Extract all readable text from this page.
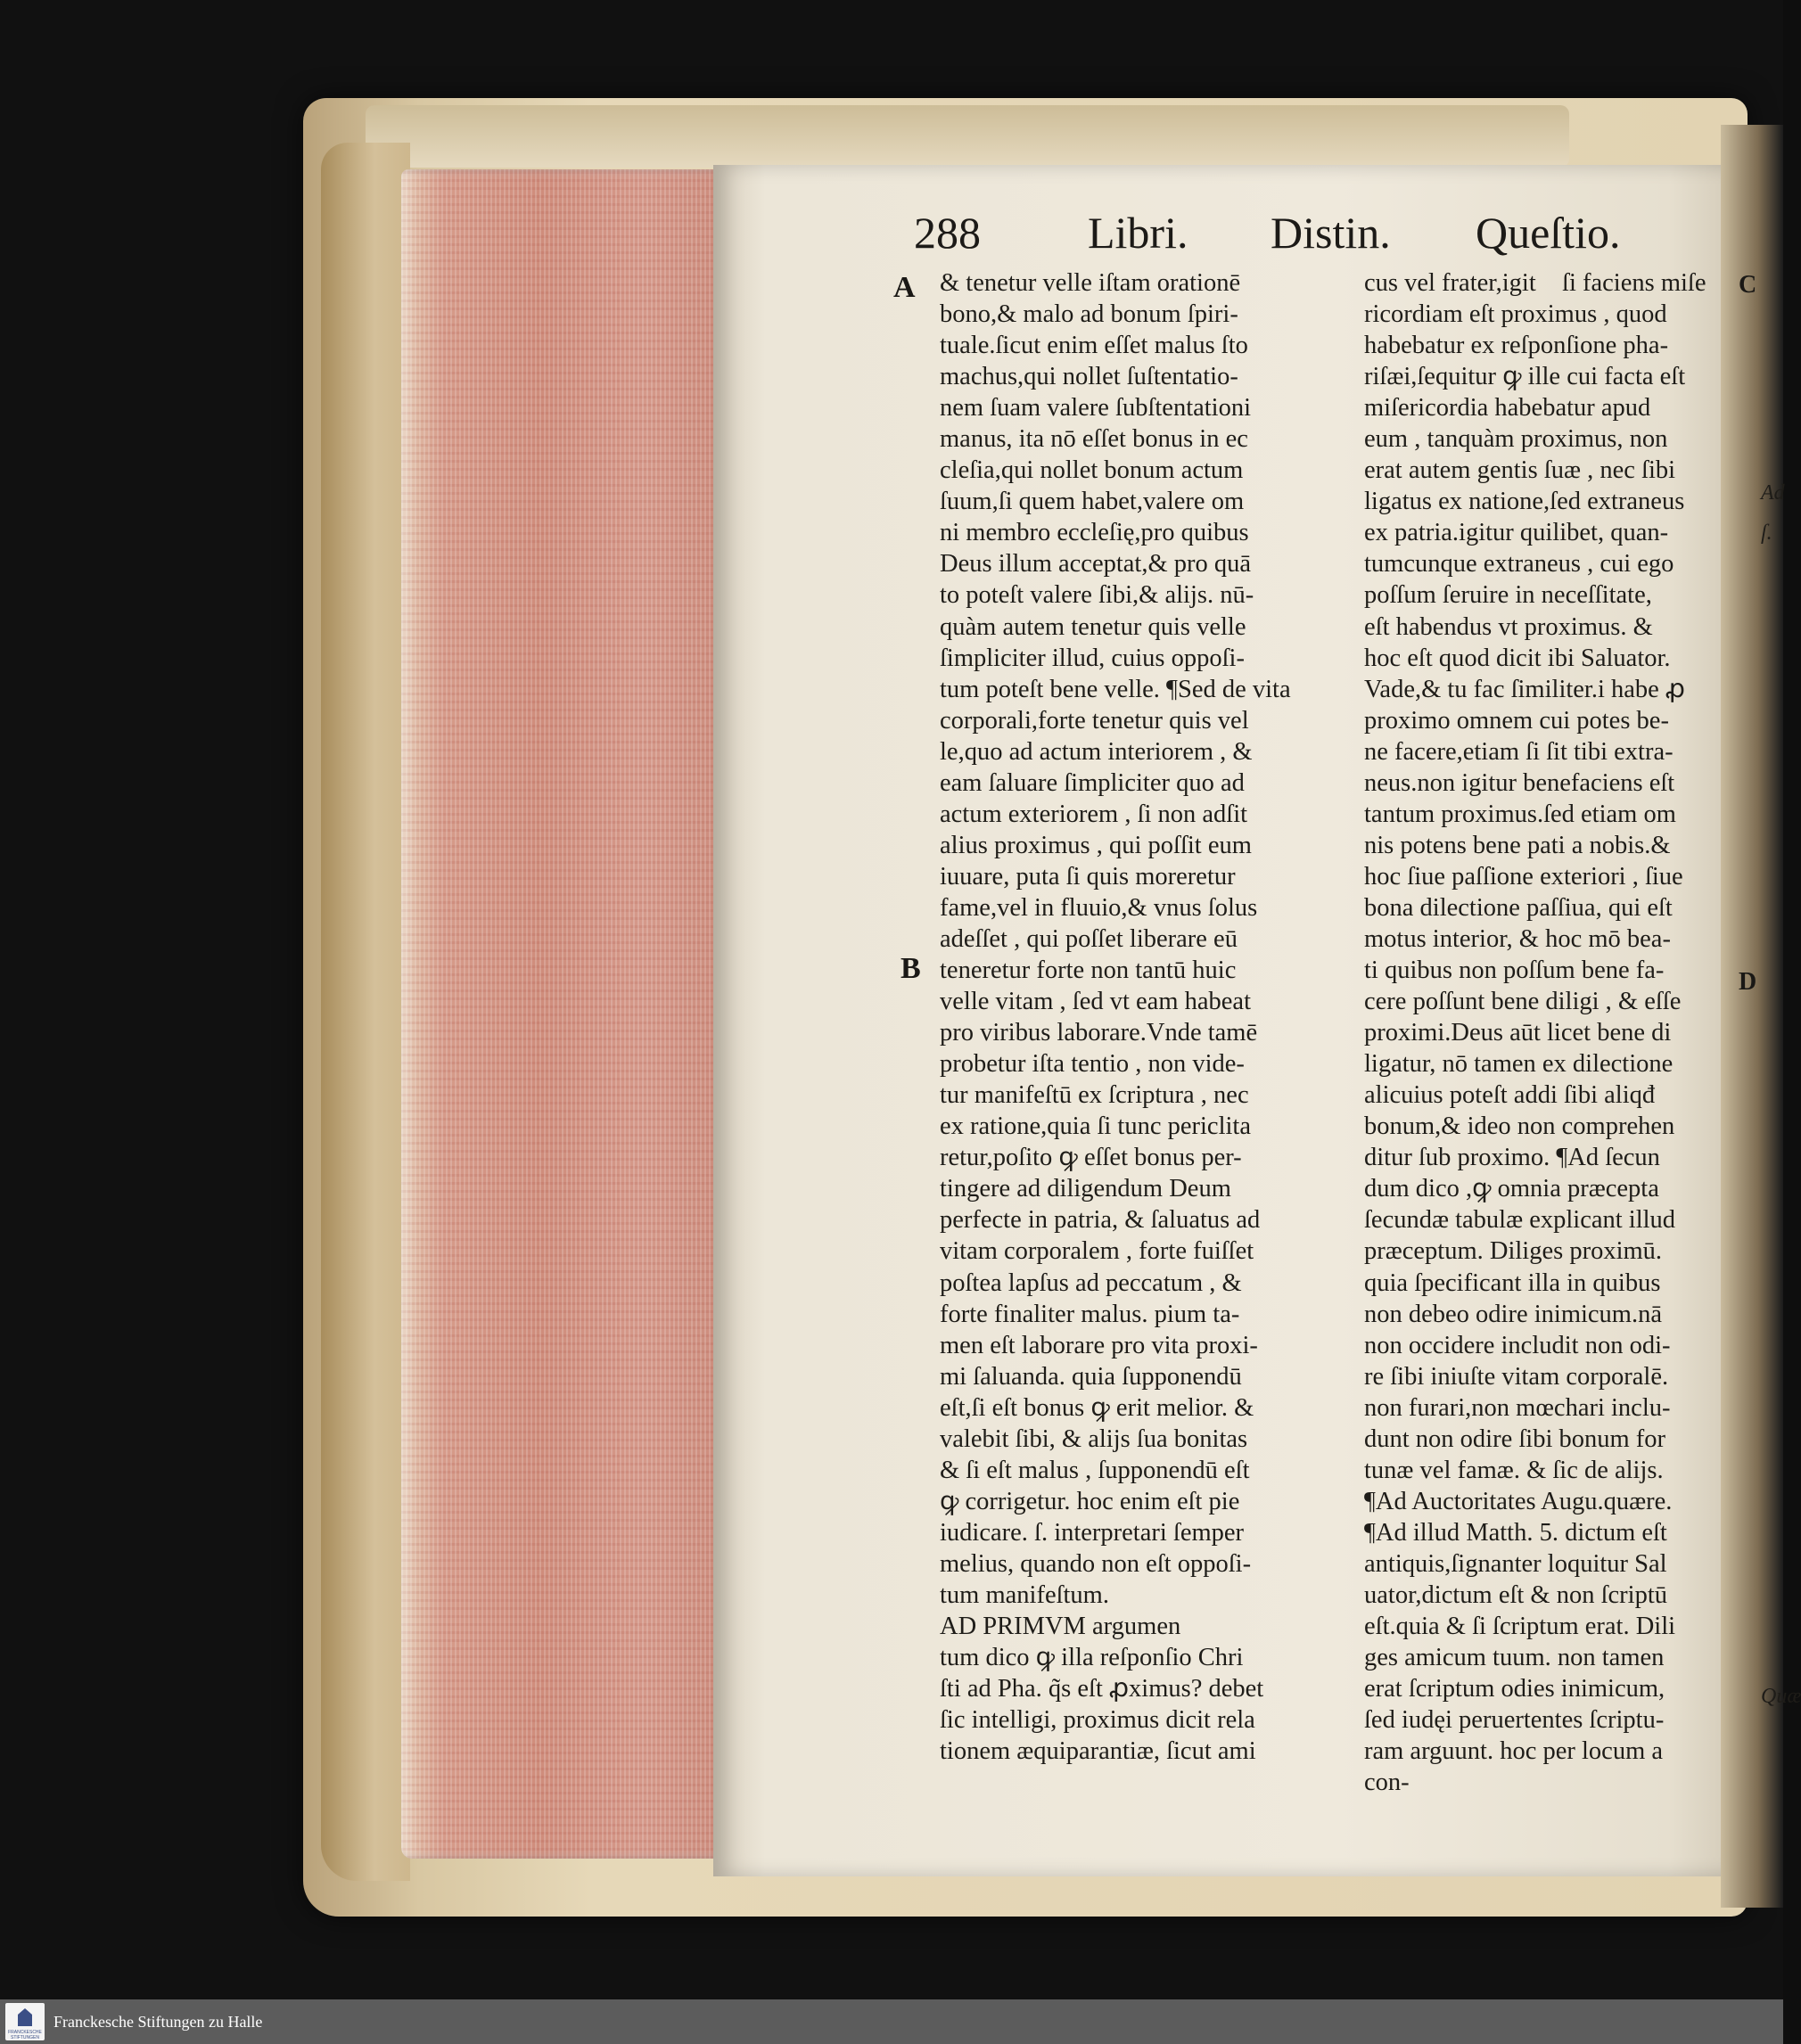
288 Libri. Distin. Queſtio.
A
B
C
D
& tenetur velle iſtam orationē
bono,& malo ad bonum ſpiri-
tuale.ſicut enim eſſet malus ſto
machus,qui nollet ſuſtentatio-
nem ſuam valere ſubſtentationi
manus, ita nō eſſet bonus in ec
cleſia,qui nollet bonum actum
ſuum,ſi quem habet,valere om
ni membro eccleſię,pro quibus
Deus illum acceptat,& pro quā
to poteſt valere ſibi,& alijs. nū-
quàm autem tenetur quis velle
ſimpliciter illud, cuius oppoſi-
tum poteſt bene velle. ¶Sed de vita
corporali,forte tenetur quis vel
le,quo ad actum interiorem , &
eam ſaluare ſimpliciter quo ad
actum exteriorem , ſi non adſit
alius proximus , qui poſſit eum
iuuare, puta ſi quis moreretur
fame,vel in fluuio,& vnus ſolus
adeſſet , qui poſſet liberare eū
teneretur forte non tantū huic
velle vitam , ſed vt eam habeat
pro viribus laborare.Vnde tamē
probetur iſta tentio , non vide-
tur manifeſtū ex ſcriptura , nec
ex ratione,quia ſi tunc periclita
retur,poſito ꝙ eſſet bonus per-
tingere ad diligendum Deum
perfecte in patria, & ſaluatus ad
vitam corporalem , forte fuiſſet
poſtea lapſus ad peccatum , &
forte finaliter malus. pium ta-
men eſt laborare pro vita proxi-
mi ſaluanda. quia ſupponendū
eſt,ſi eſt bonus ꝙ erit melior. &
valebit ſibi, & alijs ſua bonitas
& ſi eſt malus , ſupponendū eſt
ꝙ corrigetur. hoc enim eſt pie
iudicare. ſ. interpretari ſemper
melius, quando non eſt oppoſi-
tum manifeſtum.
AD PRIMVM argumen
tum dico ꝙ illa reſponſio Chri
ſti ad Pha. q̃s eſt ꝓximus? debet
ſic intelligi, proximus dicit rela
tionem æquiparantiæ, ſicut ami
cus vel frater,igitᷣ ſi faciens miſe
ricordiam eſt proximus , quod
habebatur ex reſponſione pha-
riſæi,ſequitur ꝙ ille cui facta eſt
miſericordia habebatur apud
eum , tanquàm proximus, non
erat autem gentis ſuæ , nec ſibi
ligatus ex natione,ſed extraneus
ex patria.igitur quilibet, quan-
tumcunque extraneus , cui ego
poſſum ſeruire in neceſſitate,
eſt habendus vt proximus. &
hoc eſt quod dicit ibi Saluator.
Vade,& tu fac ſimiliter.i habe ꝓ
proximo omnem cui potes be-
ne facere,etiam ſi ſit tibi extra-
neus.non igitur benefaciens eſt
tantum proximus.ſed etiam om
nis potens bene pati a nobis.&
hoc ſiue paſſione exteriori , ſiue
bona dilectione paſſiua, qui eſt
motus interior, & hoc mō bea-
ti quibus non poſſum bene fa-
cere poſſunt bene diligi , & eſſe
proximi.Deus aūt licet bene di
ligatur, nō tamen ex dilectione
alicuius poteſt addi ſibi aliqđ
bonum,& ideo non comprehen
ditur ſub proximo. ¶Ad ſecun
dum dico ,ꝙ omnia præcepta
ſecundæ tabulæ explicant illud
præceptum. Diliges proximū.
quia ſpecificant illa in quibus
non debeo odire inimicum.nā
non occidere includit non odi-
re ſibi iniuſte vitam corporalē.
non furari,non mœchari inclu-
dunt non odire ſibi bonum for
tunæ vel famæ. & ſic de alijs.
¶Ad Auctoritates Augu.quære.
¶Ad illud Matth. 5. dictum eſt
antiquis,ſignanter loquitur Sal
uator,dictum eſt & non ſcriptū
eſt.quia & ſi ſcriptum erat. Dili
ges amicum tuum. non tamen
erat ſcriptum odies inimicum,
ſed iudęi peruertentes ſcriptu-
ram arguunt. hoc per locum a
con-
Ad
ſ.
Quæ
FRANCKESCHE STIFTUNGEN
Franckesche Stiftungen zu Halle
